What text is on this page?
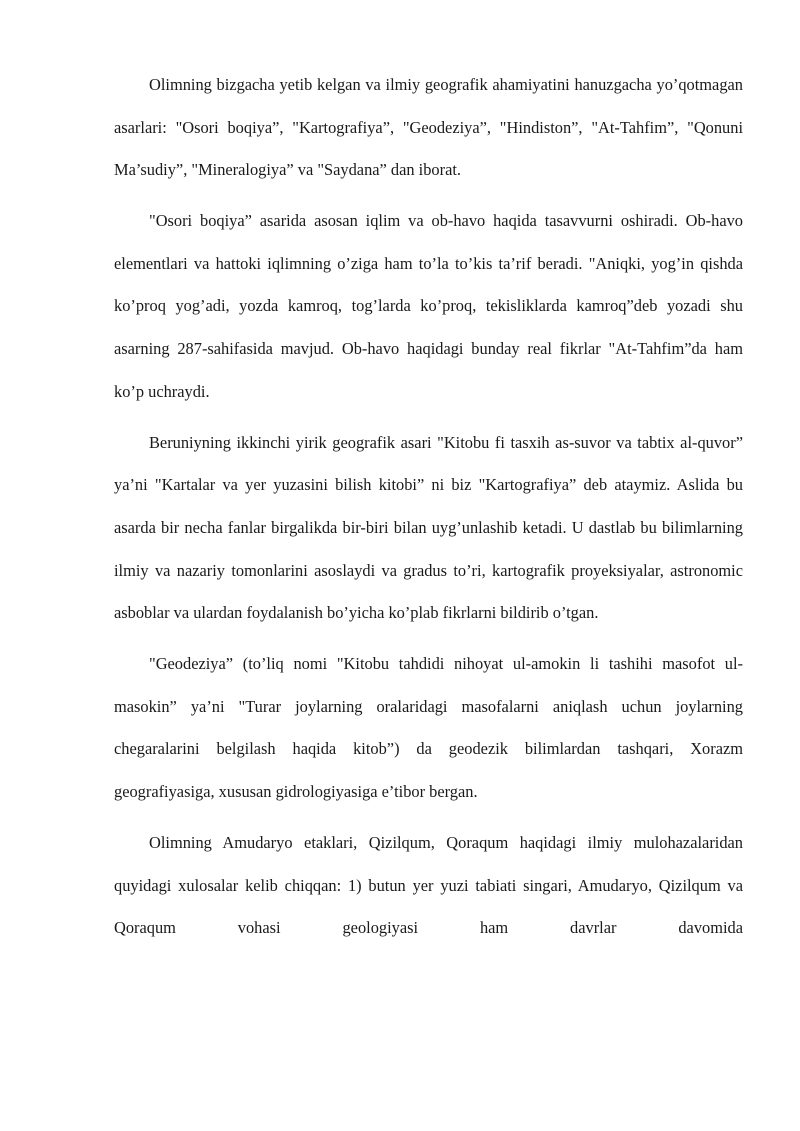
Olimning bizgacha yetib kelgan va ilmiy geografik ahamiyatini hanuzgacha yo’qotmagan asarlari: "Osori boqiya”, "Kartografiya”, "Geodeziya”, "Hindiston”, "At-Tahfim”, "Qonuni Ma’sudiy”, "Mineralogiya” va "Saydana” dan iborat.

"Osori boqiya” asarida asosan iqlim va ob-havo haqida tasavvurni oshiradi. Ob-havo elementlari va hattoki iqlimning o’ziga ham to’la to’kis ta’rif beradi. "Aniqki, yog’in qishda ko’proq yog’adi, yozda kamroq, tog’larda ko’proq, tekisliklarda kamroq”deb yozadi shu asarning 287-sahifasida mavjud. Ob-havo haqidagi bunday real fikrlar "At-Tahfim”da ham ko’p uchraydi.

Beruniyning ikkinchi yirik geografik asari "Kitobu fi tasxih as-suvor va tabtix al-quvor” ya’ni "Kartalar va yer yuzasini bilish kitobi” ni biz "Kartografiya” deb ataymiz. Aslida bu asarda bir necha fanlar birgalikda bir-biri bilan uyg’unlashib ketadi. U dastlab bu bilimlarning ilmiy va nazariy tomonlarini asoslaydi va gradus to’ri, kartografik proyeksiyalar, astronomic asboblar va ulardan foydalanish bo’yicha ko’plab fikrlarni bildirib o’tgan.

"Geodeziya” (to’liq nomi "Kitobu tahdidi nihoyat ul-amokin li tashihi masofot ul-masokin” ya’ni "Turar joylarning oralaridagi masofalarni aniqlash uchun joylarning chegaralarini belgilash haqida kitob”) da geodezik bilimlardan tashqari, Xorazm geografiyasiga, xususan gidrologiyasiga e’tibor bergan.

Olimning Amudaryo etaklari, Qizilqum, Qoraqum haqidagi ilmiy mulohazalaridan quyidagi xulosalar kelib chiqqan: 1) butun yer yuzi tabiati singari, Amudaryo, Qizilqum va Qoraqum vohasi geologiyasi ham davrlar davomida
